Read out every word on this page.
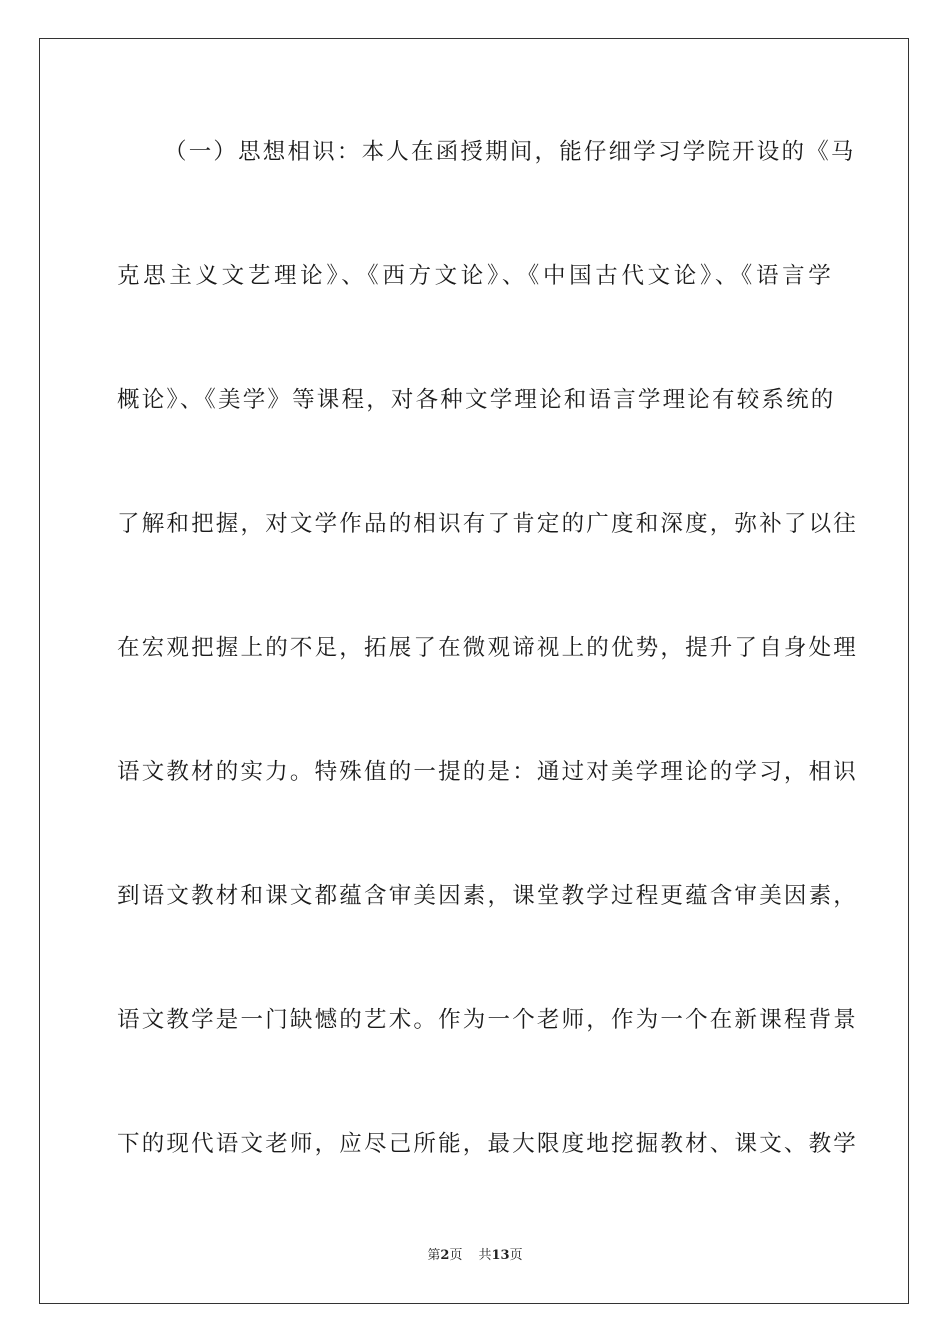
（一）思想相识：本人在函授期间，能仔细学习学院开设的《马
克思主义文艺理论》、《西方文论》、《中国古代文论》、《语言学
概论》、《美学》等课程，对各种文学理论和语言学理论有较系统的
了解和把握，对文学作品的相识有了肯定的广度和深度，弥补了以往
在宏观把握上的不足，拓展了在微观谛视上的优势，提升了自身处理
语文教材的实力。特殊值的一提的是：通过对美学理论的学习，相识
到语文教材和课文都蕴含审美因素，课堂教学过程更蕴含审美因素，
语文教学是一门缺憾的艺术。作为一个老师，作为一个在新课程背景
下的现代语文老师，应尽己所能，最大限度地挖掘教材、课文、教学
第2页 共13页
